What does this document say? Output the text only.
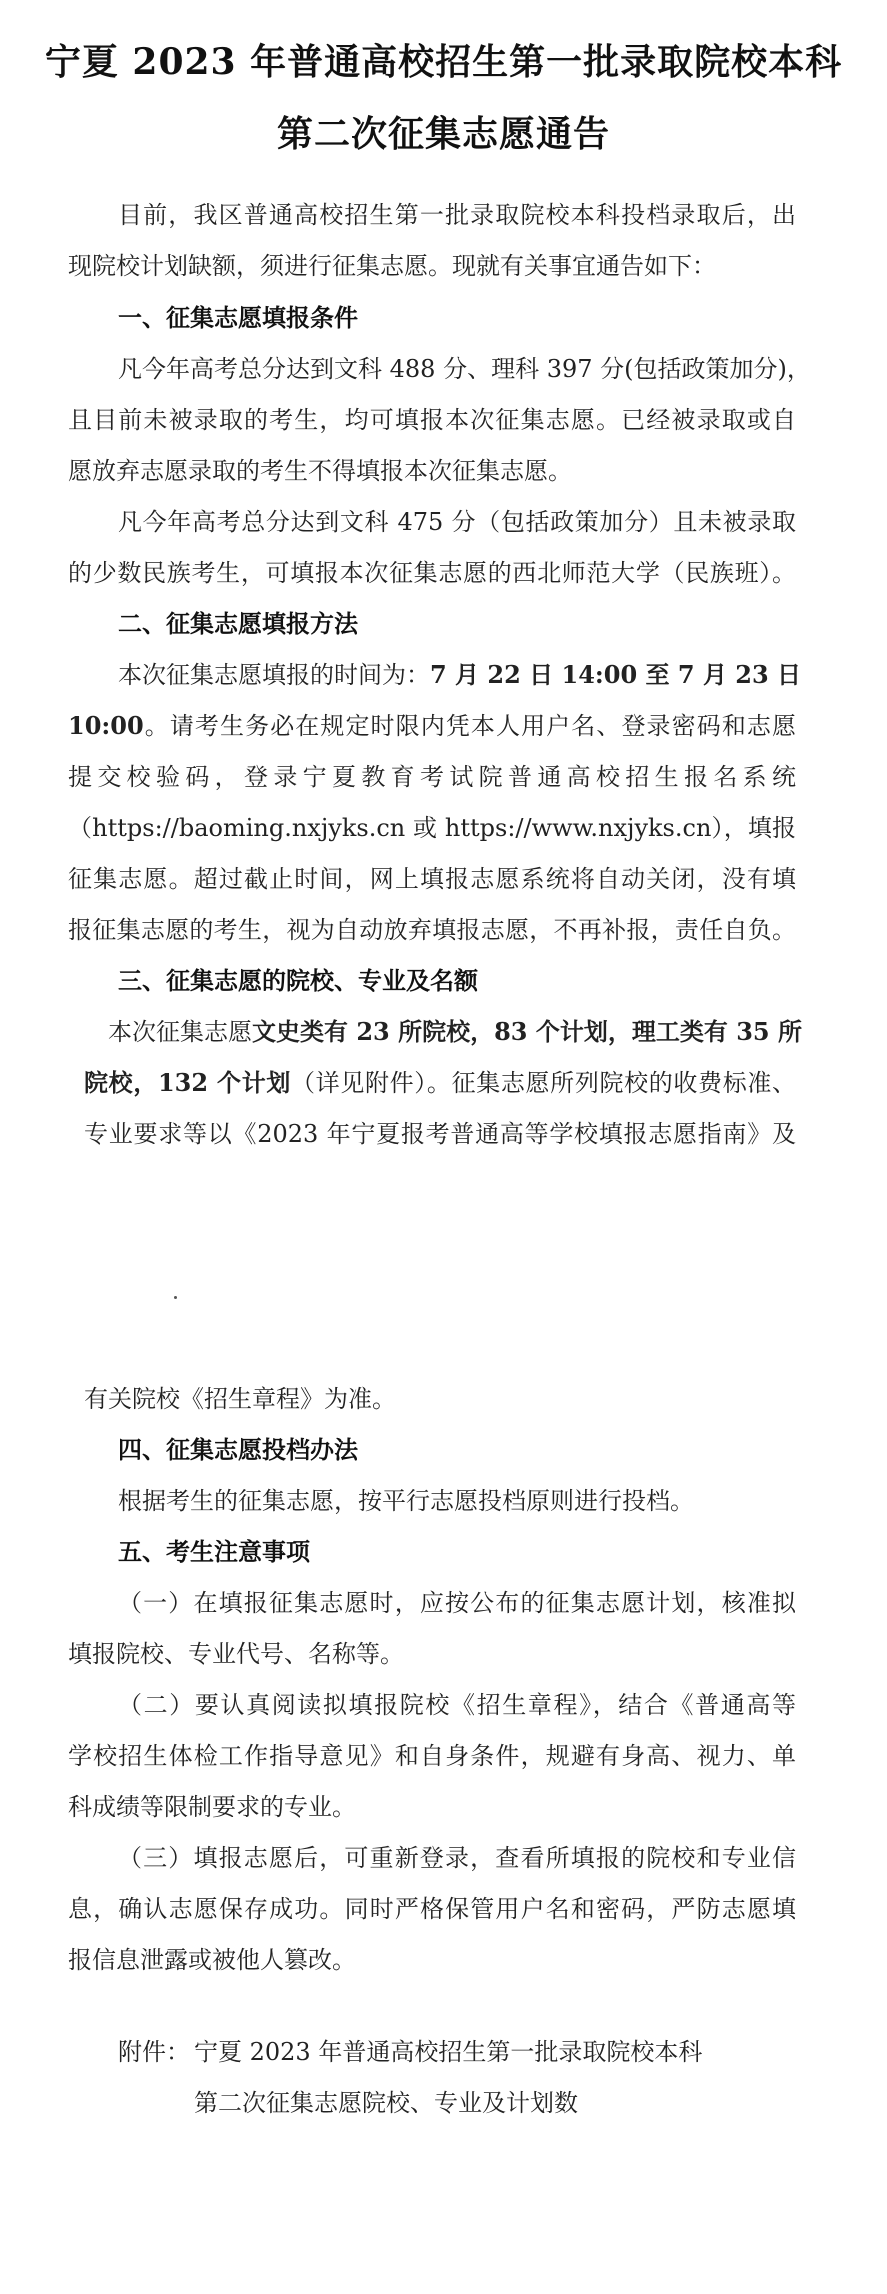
宁夏 2023 年普通高校招生第一批录取院校本科
第二次征集志愿通告
目前，我区普通高校招生第一批录取院校本科投档录取后，出
现院校计划缺额，须进行征集志愿。现就有关事宜通告如下：
一、征集志愿填报条件
凡今年高考总分达到文科 488 分、理科 397 分(包括政策加分)，
且目前未被录取的考生，均可填报本次征集志愿。已经被录取或自
愿放弃志愿录取的考生不得填报本次征集志愿。
凡今年高考总分达到文科 475 分（包括政策加分）且未被录取
的少数民族考生，可填报本次征集志愿的西北师范大学（民族班）。
二、征集志愿填报方法
本次征集志愿填报的时间为：7 月 22 日 14:00 至 7 月 23 日
10:00。请考生务必在规定时限内凭本人用户名、登录密码和志愿
提交校验码，登录宁夏教育考试院普通高校招生报名系统
（https://baoming.nxjyks.cn 或 https://www.nxjyks.cn），填报
征集志愿。超过截止时间，网上填报志愿系统将自动关闭，没有填
报征集志愿的考生，视为自动放弃填报志愿，不再补报，责任自负。
三、征集志愿的院校、专业及名额
本次征集志愿文史类有 23 所院校，83 个计划，理工类有 35 所
院校，132 个计划（详见附件）。征集志愿所列院校的收费标准、
专业要求等以《2023 年宁夏报考普通高等学校填报志愿指南》及
有关院校《招生章程》为准。
四、征集志愿投档办法
根据考生的征集志愿，按平行志愿投档原则进行投档。
五、考生注意事项
（一）在填报征集志愿时，应按公布的征集志愿计划，核准拟
填报院校、专业代号、名称等。
（二）要认真阅读拟填报院校《招生章程》，结合《普通高等
学校招生体检工作指导意见》和自身条件，规避有身高、视力、单
科成绩等限制要求的专业。
（三）填报志愿后，可重新登录，查看所填报的院校和专业信
息，确认志愿保存成功。同时严格保管用户名和密码，严防志愿填
报信息泄露或被他人篡改。
附件： 宁夏 2023 年普通高校招生第一批录取院校本科
第二次征集志愿院校、专业及计划数
